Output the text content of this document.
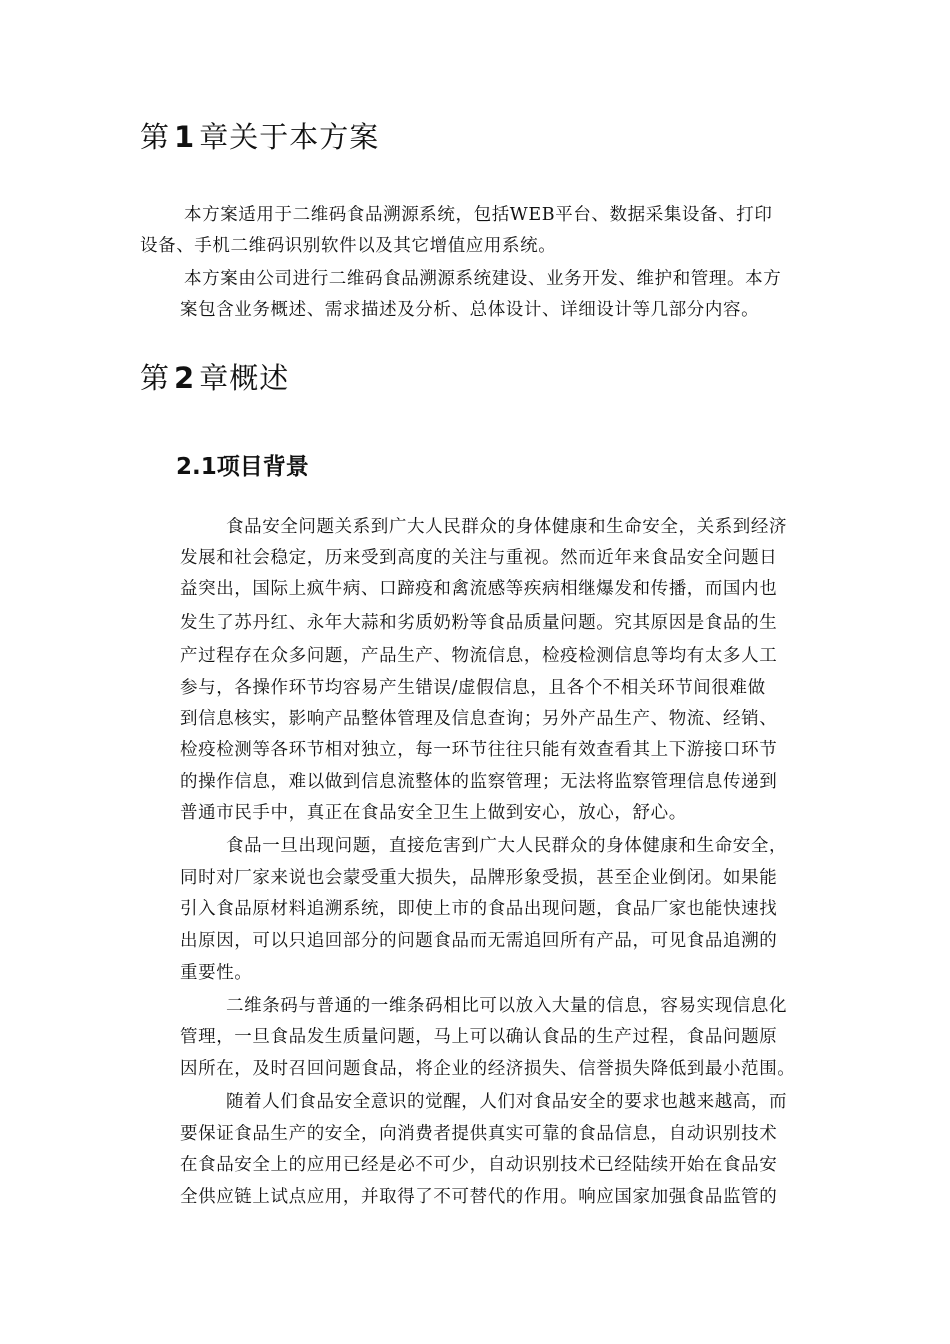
第 1 章关于本方案
本方案适用于二维码食品溯源系统，包括WEB平台、数据采集设备、打印
设备、手机二维码识别软件以及其它增值应用系统。
本方案由公司进行二维码食品溯源系统建设、业务开发、维护和管理。本方
案包含业务概述、需求描述及分析、总体设计、详细设计等几部分内容。
第 2 章概述
2.1项目背景
食品安全问题关系到广大人民群众的身体健康和生命安全，关系到经济
发展和社会稳定，历来受到高度的关注与重视。然而近年来食品安全问题日
益突出，国际上疯牛病、口蹄疫和禽流感等疾病相继爆发和传播，而国内也
发生了苏丹红、永年大蒜和劣质奶粉等食品质量问题。究其原因是食品的生
产过程存在众多问题，产品生产、物流信息，检疫检测信息等均有太多人工
参与，各操作环节均容易产生错误/虚假信息，且各个不相关环节间很难做
到信息核实，影响产品整体管理及信息查询；另外产品生产、物流、经销、
检疫检测等各环节相对独立，每一环节往往只能有效查看其上下游接口环节
的操作信息，难以做到信息流整体的监察管理；无法将监察管理信息传递到
普通市民手中，真正在食品安全卫生上做到安心，放心，舒心。
食品一旦出现问题，直接危害到广大人民群众的身体健康和生命安全，
同时对厂家来说也会蒙受重大损失，品牌形象受损，甚至企业倒闭。如果能
引入食品原材料追溯系统，即使上市的食品出现问题，食品厂家也能快速找
出原因，可以只追回部分的问题食品而无需追回所有产品，可见食品追溯的
重要性。
二维条码与普通的一维条码相比可以放入大量的信息，容易实现信息化
管理，一旦食品发生质量问题，马上可以确认食品的生产过程，食品问题原
因所在，及时召回问题食品，将企业的经济损失、信誉损失降低到最小范围。
随着人们食品安全意识的觉醒，人们对食品安全的要求也越来越高，而
要保证食品生产的安全，向消费者提供真实可靠的食品信息，自动识别技术
在食品安全上的应用已经是必不可少，自动识别技术已经陆续开始在食品安
全供应链上试点应用，并取得了不可替代的作用。响应国家加强食品监管的
